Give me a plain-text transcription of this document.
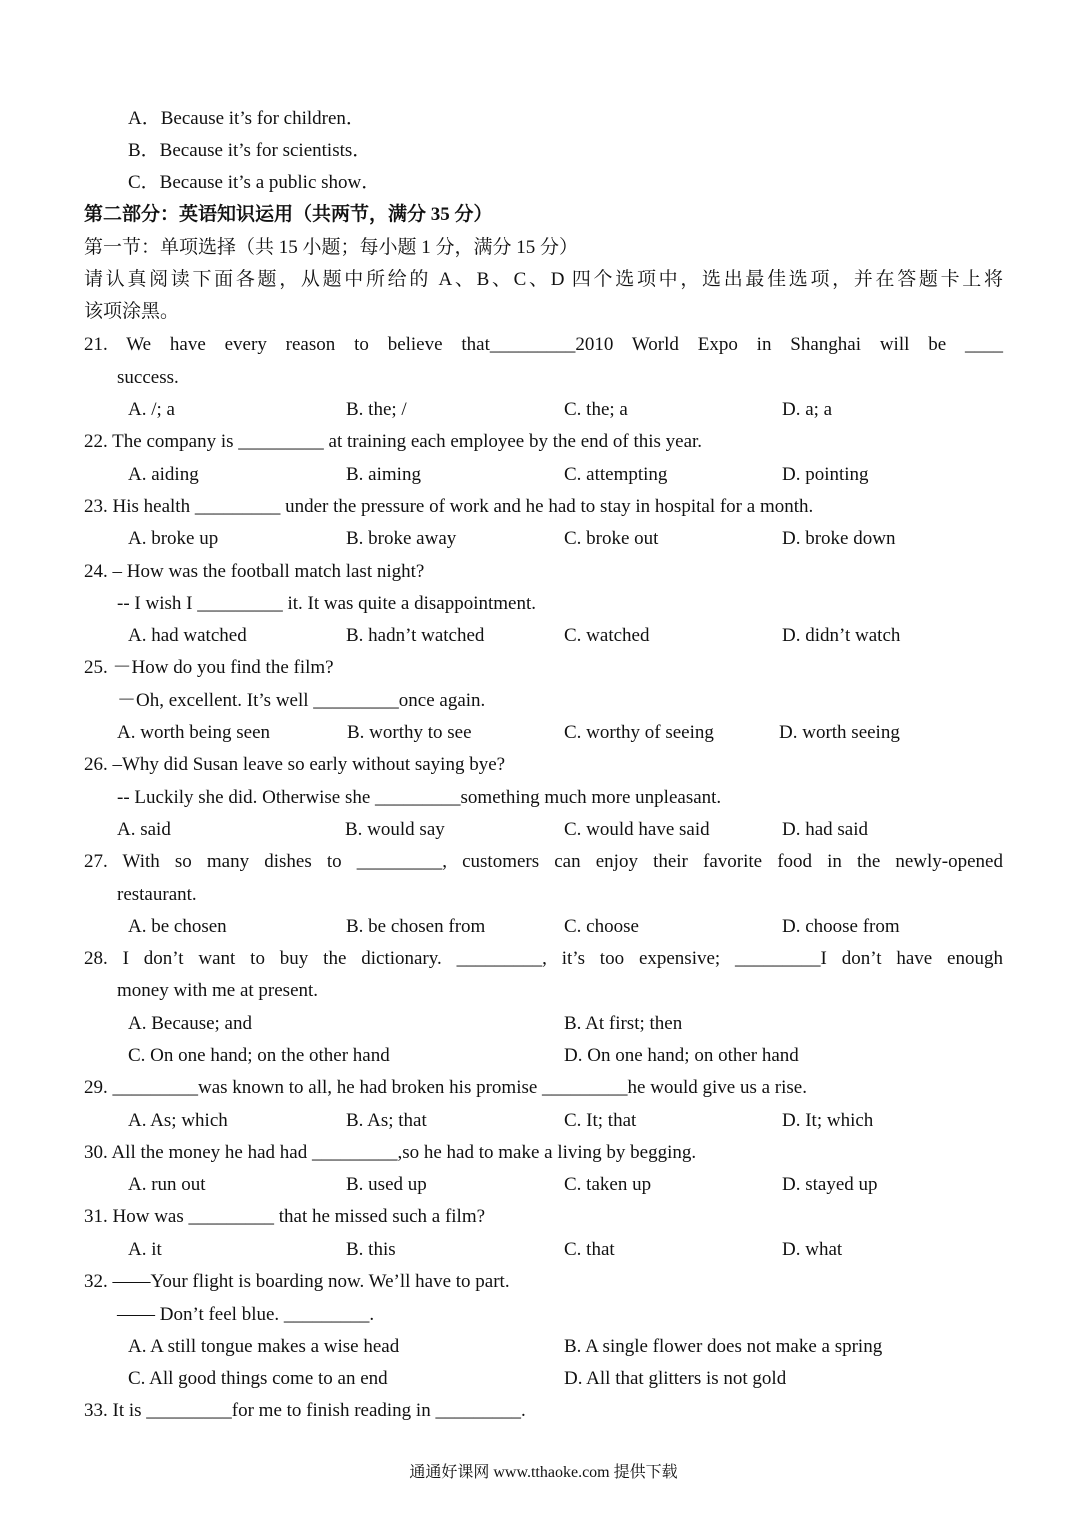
A．Because it’s for children．
B．Because it’s for scientists．
C．Because it’s a public show．
第二部分：英语知识运用（共两节，满分 35 分）
第一节：单项选择（共 15 小题；每小题 1 分，满分 15 分）
请认真阅读下面各题，从题中所给的 A、B、C、D 四个选项中，选出最佳选项，并在答题卡上将
该项涂黑。
21. We have every reason to believe that_________2010 World Expo in Shanghai will be ____
success.
A. /; a	B. the; /	C. the; a	D. a; a
22. The company is _________ at training each employee by the end of this year.
A. aiding	B. aiming	C. attempting	D. pointing
23. His health _________ under the pressure of work and he had to stay in hospital for a month.
A. broke up	B. broke away	C. broke out	D. broke down
24. – How was the football match last night?
-- I wish I _________ it. It was quite a disappointment.
A. had watched	B. hadn’t watched	C. watched	D. didn’t watch
25. －How do you find the film?
－Oh, excellent. It’s well _________once again.
A. worth being seen	B. worthy to see	C. worthy of seeing	D. worth seeing
26. –Why did Susan leave so early without saying bye?
-- Luckily she did. Otherwise she _________something much more unpleasant.
A. said	B. would say	C. would have said	D. had said
27. With so many dishes to _________, customers can enjoy their favorite food in the newly-opened
restaurant.
A. be chosen	B. be chosen from	C. choose	D. choose from
28. I don’t want to buy the dictionary. _________, it’s too expensive; _________I don’t have enough
money with me at present.
A. Because; and	B. At first; then
C. On one hand; on the other hand	D. On one hand; on other hand
29. _________was known to all, he had broken his promise _________he would give us a rise.
A. As; which	B. As; that	C. It; that	D. It; which
30. All the money he had had _________,so he had to make a living by begging.
A. run out	B. used up	C. taken up	D. stayed up
31. How was _________ that he missed such a film?
A. it	B. this	C. that	D. what
32. ——Your flight is boarding now. We’ll have to part.
—— Don’t feel blue. _________.
A. A still tongue makes a wise head	B. A single flower does not make a spring
C. All good things come to an end	D. All that glitters is not gold
33. It is _________for me to finish reading in _________.
通通好课网 www.tthaoke.com 提供下载
